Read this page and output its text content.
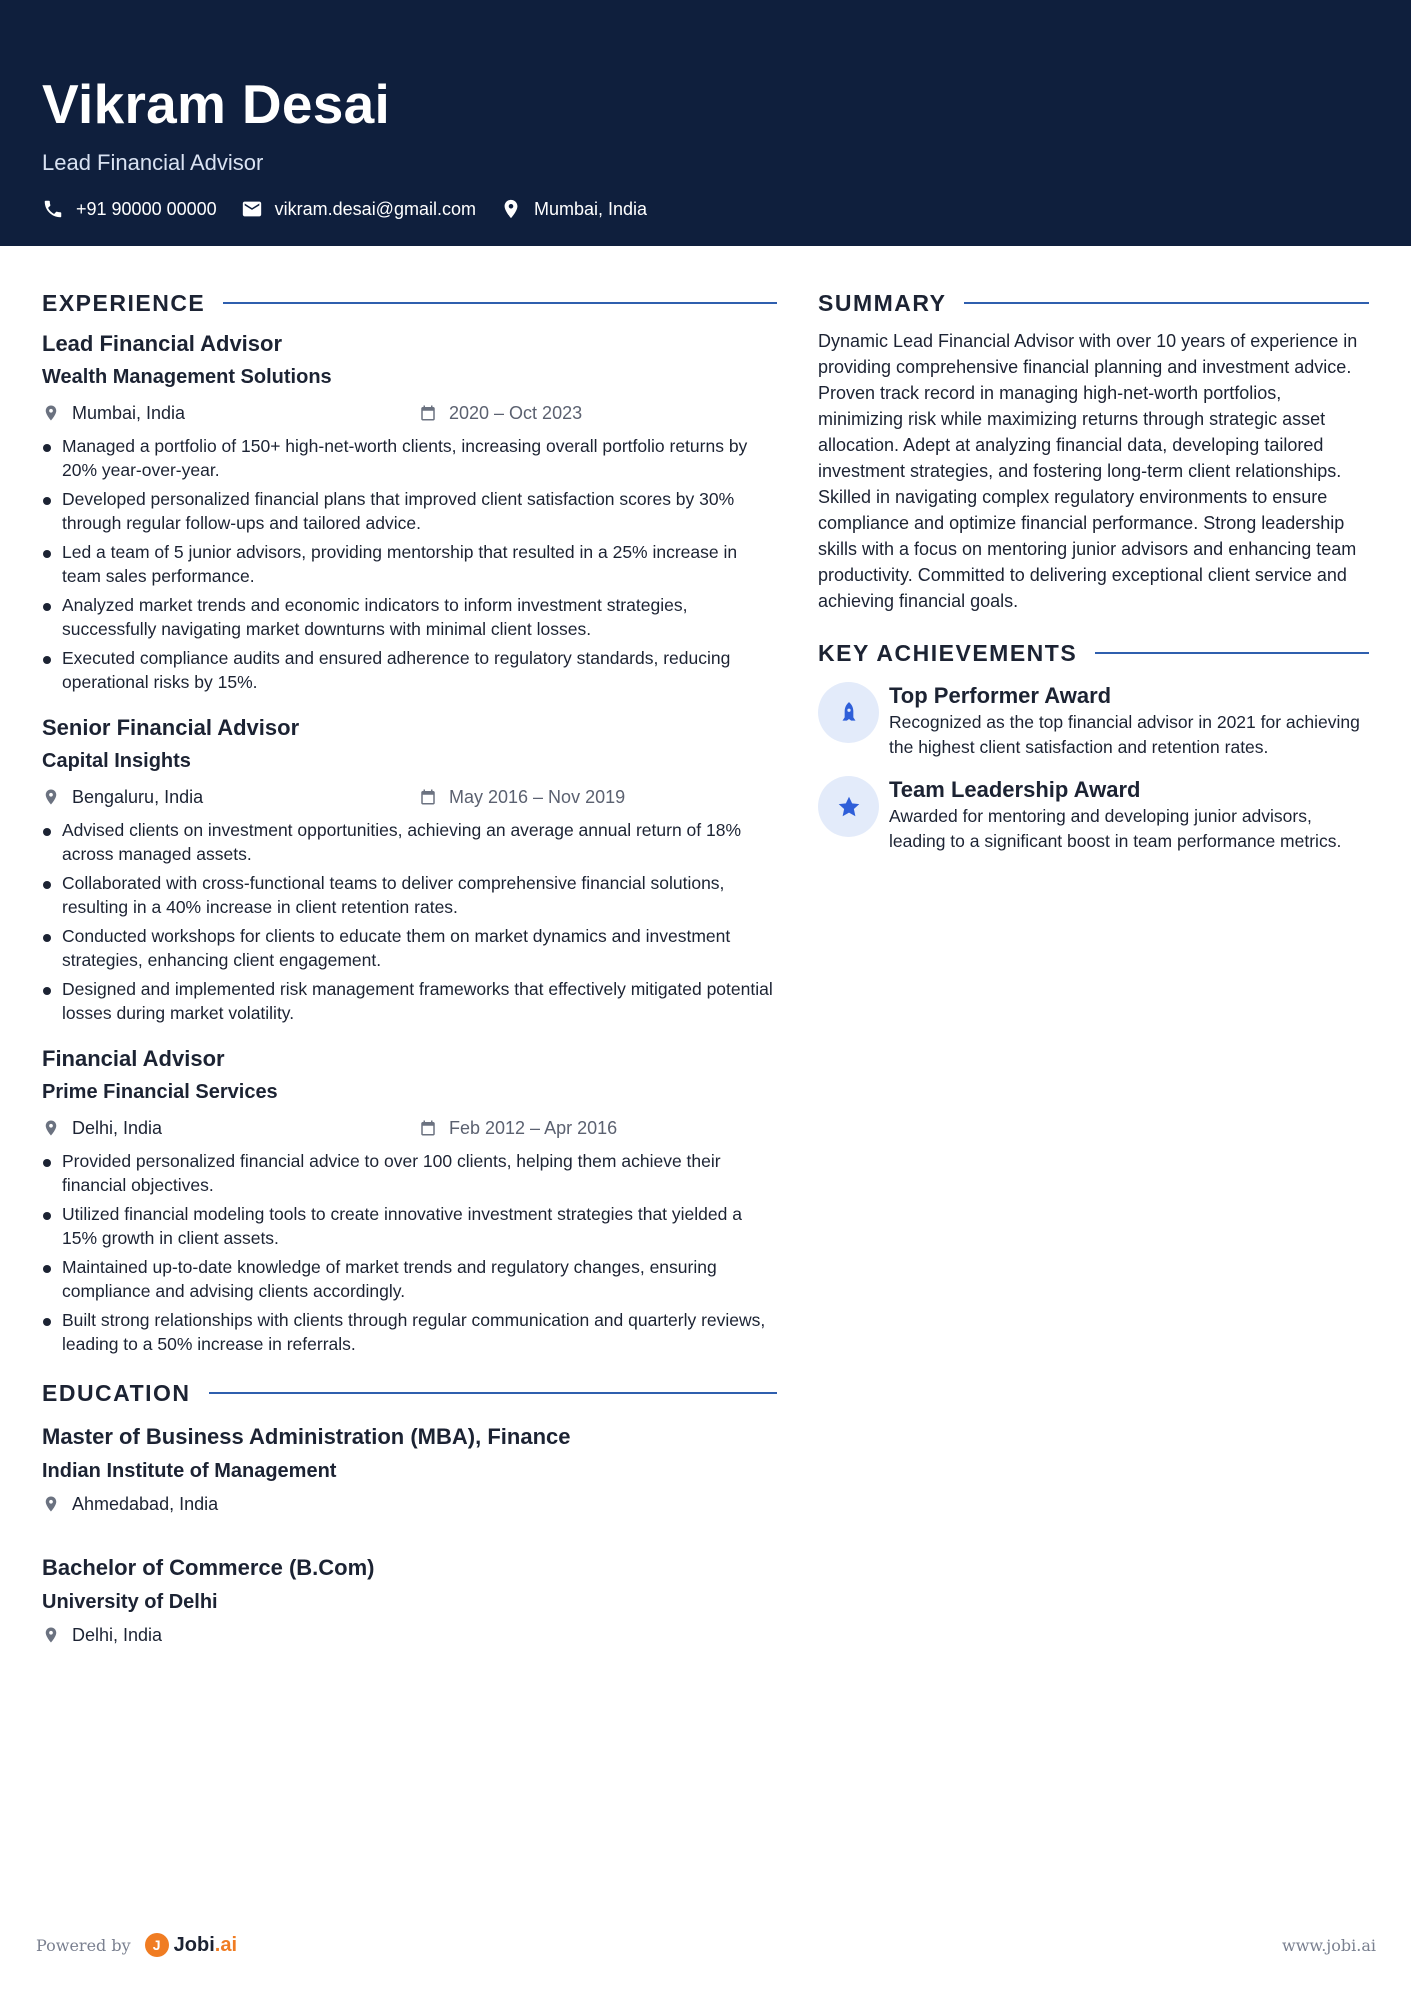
Vikram Desai
Lead Financial Advisor
+91 90000 00000	vikram.desai@gmail.com	Mumbai, India
EXPERIENCE
Lead Financial Advisor
Wealth Management Solutions
Mumbai, India	2020 – Oct 2023
Managed a portfolio of 150+ high-net-worth clients, increasing overall portfolio returns by 20% year-over-year.
Developed personalized financial plans that improved client satisfaction scores by 30% through regular follow-ups and tailored advice.
Led a team of 5 junior advisors, providing mentorship that resulted in a 25% increase in team sales performance.
Analyzed market trends and economic indicators to inform investment strategies, successfully navigating market downturns with minimal client losses.
Executed compliance audits and ensured adherence to regulatory standards, reducing operational risks by 15%.
Senior Financial Advisor
Capital Insights
Bengaluru, India	May 2016 – Nov 2019
Advised clients on investment opportunities, achieving an average annual return of 18% across managed assets.
Collaborated with cross-functional teams to deliver comprehensive financial solutions, resulting in a 40% increase in client retention rates.
Conducted workshops for clients to educate them on market dynamics and investment strategies, enhancing client engagement.
Designed and implemented risk management frameworks that effectively mitigated potential losses during market volatility.
Financial Advisor
Prime Financial Services
Delhi, India	Feb 2012 – Apr 2016
Provided personalized financial advice to over 100 clients, helping them achieve their financial objectives.
Utilized financial modeling tools to create innovative investment strategies that yielded a 15% growth in client assets.
Maintained up-to-date knowledge of market trends and regulatory changes, ensuring compliance and advising clients accordingly.
Built strong relationships with clients through regular communication and quarterly reviews, leading to a 50% increase in referrals.
EDUCATION
Master of Business Administration (MBA), Finance
Indian Institute of Management
Ahmedabad, India
Bachelor of Commerce (B.Com)
University of Delhi
Delhi, India
SUMMARY

Dynamic Lead Financial Advisor with over 10 years of experience in providing comprehensive financial planning and investment advice. Proven track record in managing high-net-worth portfolios, minimizing risk while maximizing returns through strategic asset allocation. Adept at analyzing financial data, developing tailored investment strategies, and fostering long-term client relationships. Skilled in navigating complex regulatory environments to ensure compliance and optimize financial performance. Strong leadership skills with a focus on mentoring junior advisors and enhancing team productivity. Committed to delivering exceptional client service and achieving financial goals.

KEY ACHIEVEMENTS
Top Performer Award
Recognized as the top financial advisor in 2021 for achieving the highest client satisfaction and retention rates.
Team Leadership Award
Awarded for mentoring and developing junior advisors, leading to a significant boost in team performance metrics.
Powered by	J Jobi.ai	www.jobi.ai
